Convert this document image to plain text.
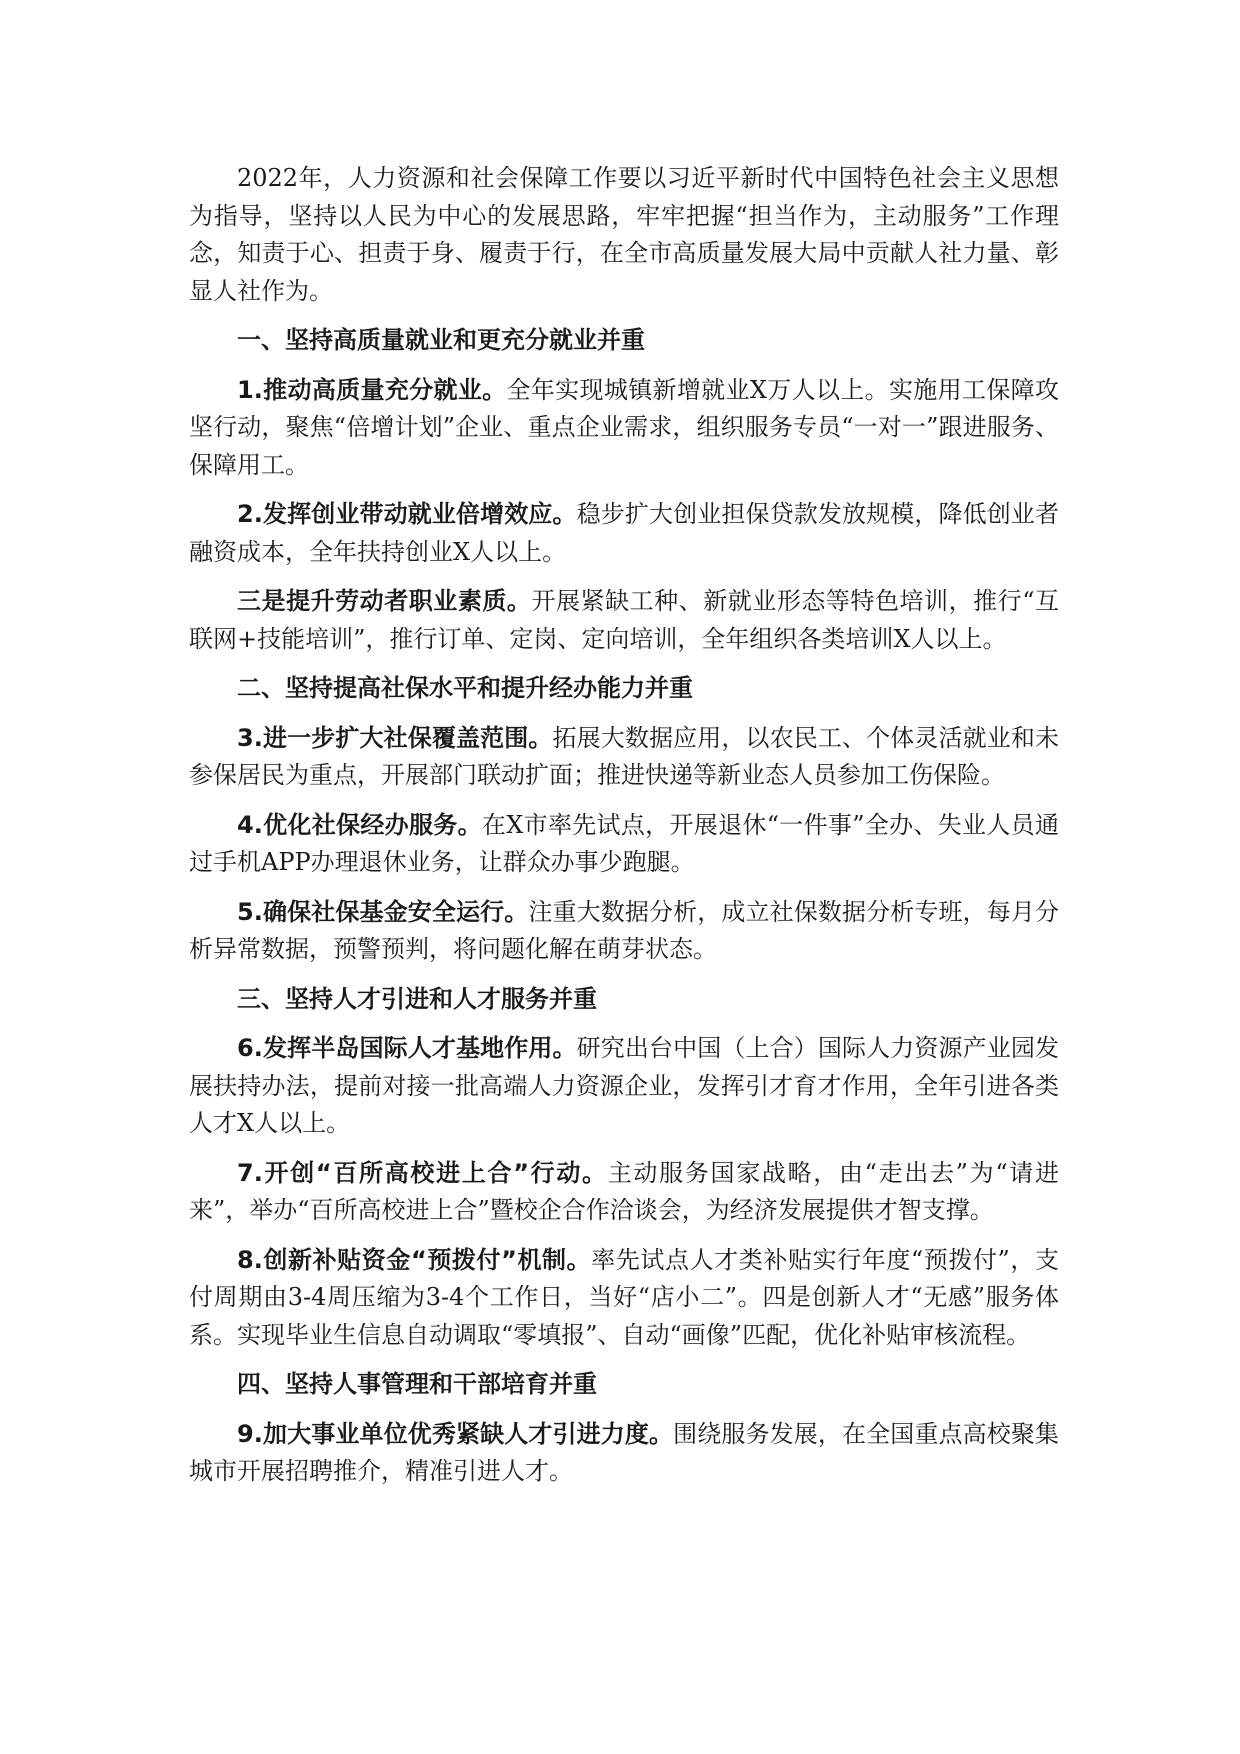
2022年，人力资源和社会保障工作要以习近平新时代中国特色社会主义思想为指导，坚持以人民为中心的发展思路，牢牢把握“担当作为，主动服务”工作理念，知责于心、担责于身、履责于行，在全市高质量发展大局中贡献人社力量、彰显人社作为。

一、坚持高质量就业和更充分就业并重

1.推动高质量充分就业。全年实现城镇新增就业X万人以上。实施用工保障攻坚行动，聚焦“倍增计划”企业、重点企业需求，组织服务专员“一对一”跟进服务、保障用工。

2.发挥创业带动就业倍增效应。稳步扩大创业担保贷款发放规模，降低创业者融资成本，全年扶持创业X人以上。

三是提升劳动者职业素质。开展紧缺工种、新就业形态等特色培训，推行“互联网+技能培训”，推行订单、定岗、定向培训，全年组织各类培训X人以上。

二、坚持提高社保水平和提升经办能力并重

3.进一步扩大社保覆盖范围。拓展大数据应用，以农民工、个体灵活就业和未参保居民为重点，开展部门联动扩面；推进快递等新业态人员参加工伤保险。

4.优化社保经办服务。在X市率先试点，开展退休“一件事”全办、失业人员通过手机APP办理退休业务，让群众办事少跑腿。

5.确保社保基金安全运行。注重大数据分析，成立社保数据分析专班，每月分析异常数据，预警预判，将问题化解在萌芽状态。

三、坚持人才引进和人才服务并重

6.发挥半岛国际人才基地作用。研究出台中国（上合）国际人力资源产业园发展扶持办法，提前对接一批高端人力资源企业，发挥引才育才作用，全年引进各类人才X人以上。

7.开创“百所高校进上合”行动。主动服务国家战略，由“走出去”为“请进来”，举办“百所高校进上合”暨校企合作洽谈会，为经济发展提供才智支撑。

8.创新补贴资金“预拨付”机制。率先试点人才类补贴实行年度“预拨付”，支付周期由3-4周压缩为3-4个工作日，当好“店小二”。四是创新人才“无感”服务体系。实现毕业生信息自动调取“零填报”、自动“画像”匹配，优化补贴审核流程。

四、坚持人事管理和干部培育并重

9.加大事业单位优秀紧缺人才引进力度。围绕服务发展，在全国重点高校聚集城市开展招聘推介，精准引进人才。
